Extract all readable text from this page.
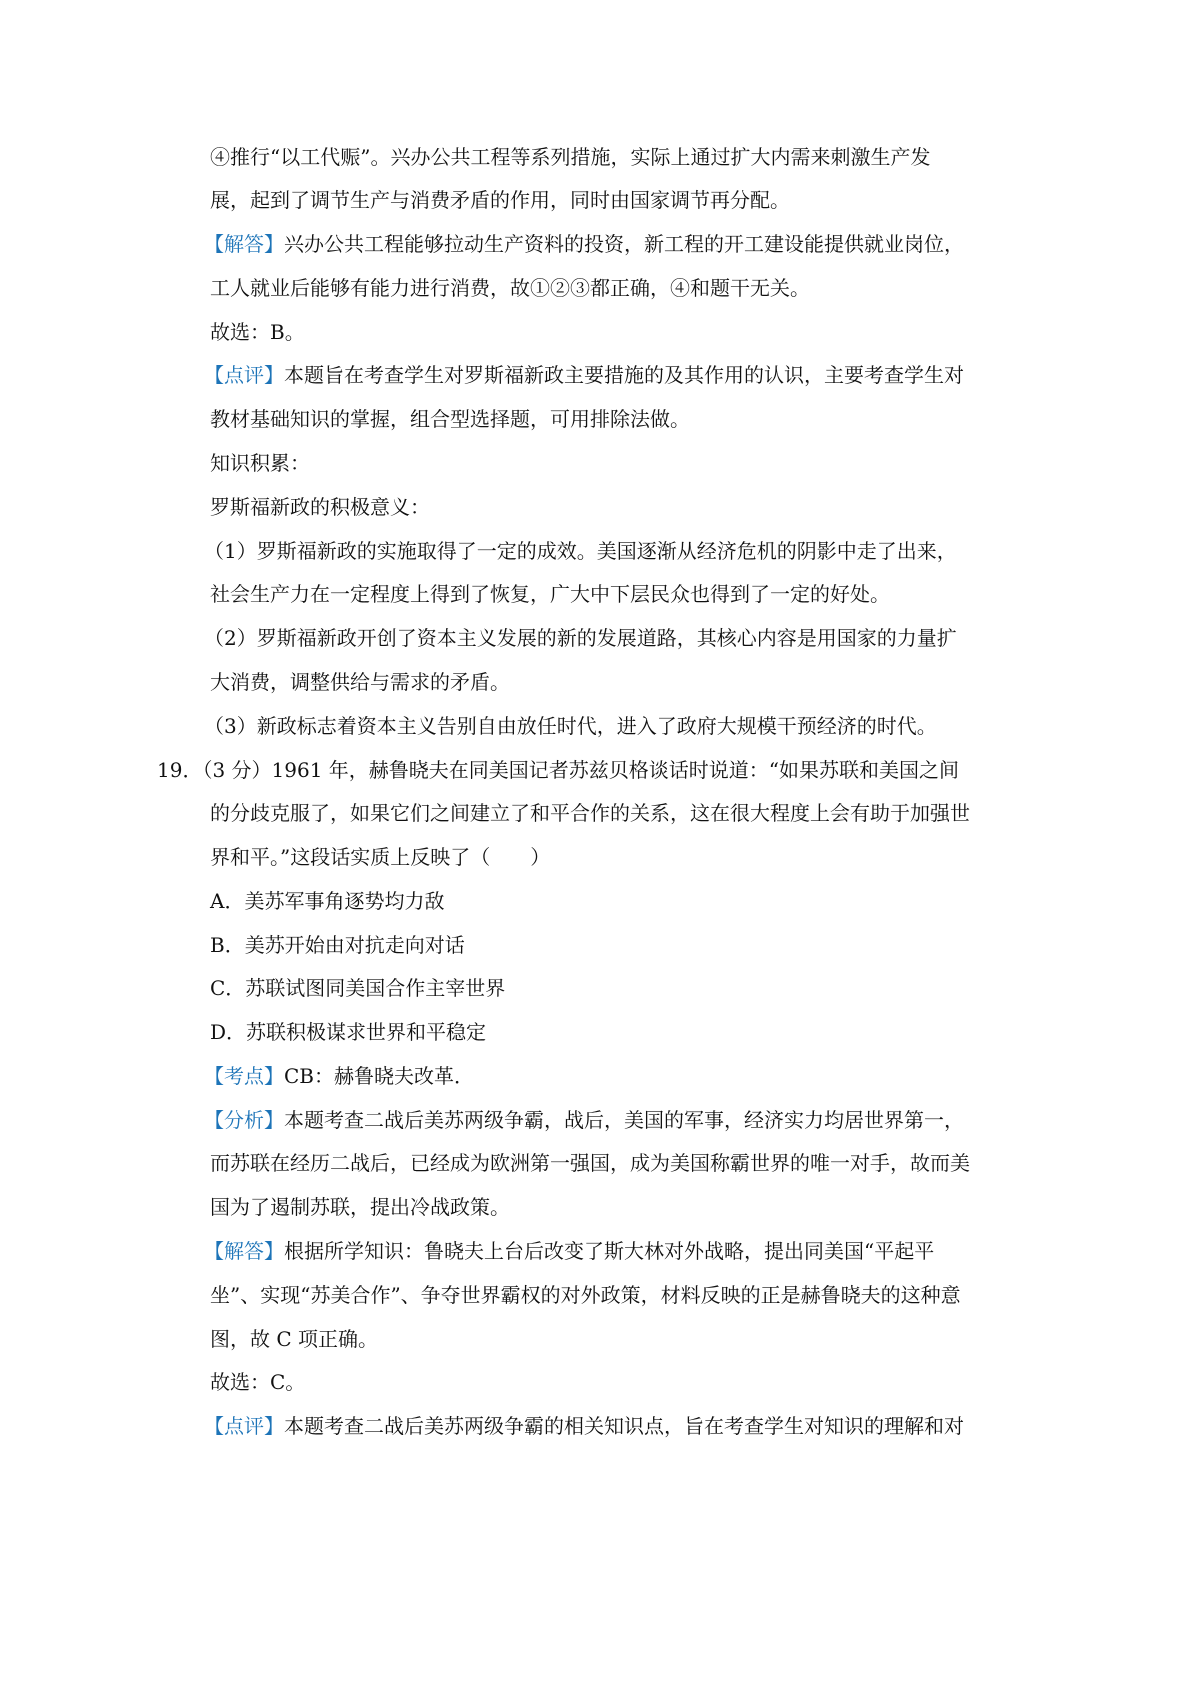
④推行“以工代赈”。兴办公共工程等系列措施，实际上通过扩大内需来刺激生产发
展，起到了调节生产与消费矛盾的作用，同时由国家调节再分配。
【解答】兴办公共工程能够拉动生产资料的投资，新工程的开工建设能提供就业岗位，
工人就业后能够有能力进行消费，故①②③都正确，④和题干无关。
故选：B。
【点评】本题旨在考查学生对罗斯福新政主要措施的及其作用的认识，主要考查学生对
教材基础知识的掌握，组合型选择题，可用排除法做。
知识积累：
罗斯福新政的积极意义：
（1）罗斯福新政的实施取得了一定的成效。美国逐渐从经济危机的阴影中走了出来，
社会生产力在一定程度上得到了恢复，广大中下层民众也得到了一定的好处。
（2）罗斯福新政开创了资本主义发展的新的发展道路，其核心内容是用国家的力量扩
大消费，调整供给与需求的矛盾。
（3）新政标志着资本主义告别自由放任时代，进入了政府大规模干预经济的时代。
19．（3 分）1961 年，赫鲁晓夫在同美国记者苏兹贝格谈话时说道：“如果苏联和美国之间
的分歧克服了，如果它们之间建立了和平合作的关系，这在很大程度上会有助于加强世
界和平。”这段话实质上反映了（　　）
A．美苏军事角逐势均力敌
B．美苏开始由对抗走向对话
C．苏联试图同美国合作主宰世界
D．苏联积极谋求世界和平稳定
【考点】CB：赫鲁晓夫改革．
【分析】本题考查二战后美苏两级争霸，战后，美国的军事，经济实力均居世界第一，
而苏联在经历二战后，已经成为欧洲第一强国，成为美国称霸世界的唯一对手，故而美
国为了遏制苏联，提出冷战政策。
【解答】根据所学知识：鲁晓夫上台后改变了斯大林对外战略，提出同美国“平起平
坐”、实现“苏美合作”、争夺世界霸权的对外政策，材料反映的正是赫鲁晓夫的这种意
图，故 C 项正确。
故选：C。
【点评】本题考查二战后美苏两级争霸的相关知识点，旨在考查学生对知识的理解和对
